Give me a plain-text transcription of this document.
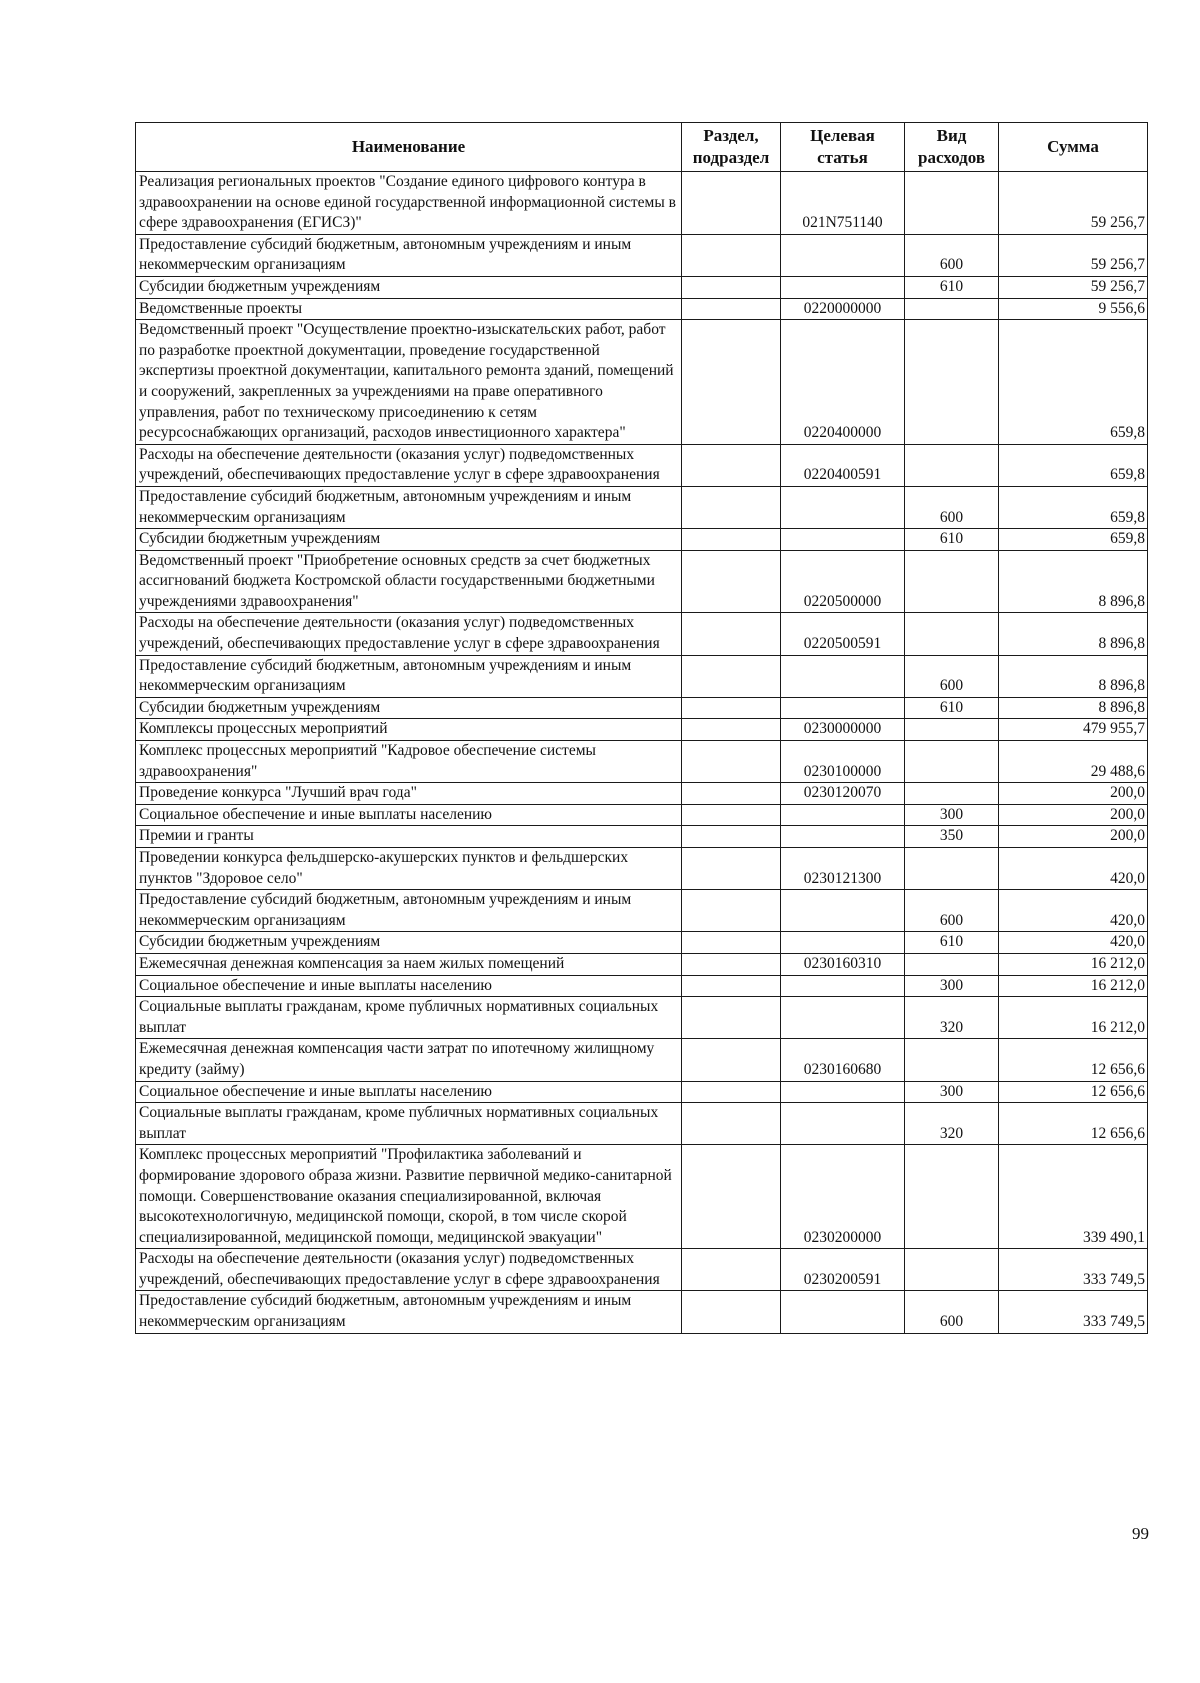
Наименование	Раздел, подраздел	Целевая статья	Вид расходов	Сумма
Реализация региональных проектов "Создание единого цифрового контура в здравоохранении на основе единой государственной информационной системы в сфере здравоохранения (ЕГИСЗ)"		021N751140		59 256,7
Предоставление субсидий бюджетным, автономным учреждениям и иным некоммерческим организациям			600	59 256,7
Субсидии бюджетным учреждениям			610	59 256,7
Ведомственные проекты		0220000000		9 556,6
Ведомственный проект "Осуществление проектно-изыскательских работ, работ по разработке проектной документации, проведение государственной экспертизы проектной документации, капитального ремонта зданий, помещений и сооружений, закрепленных за учреждениями на праве оперативного управления, работ по техническому присоединению к сетям ресурсоснабжающих организаций, расходов инвестиционного характера"		0220400000		659,8
Расходы на обеспечение деятельности (оказания услуг) подведомственных учреждений, обеспечивающих предоставление услуг в сфере здравоохранения		0220400591		659,8
Предоставление субсидий бюджетным, автономным учреждениям и иным некоммерческим организациям			600	659,8
Субсидии бюджетным учреждениям			610	659,8
Ведомственный проект "Приобретение основных средств за счет бюджетных ассигнований бюджета Костромской области государственными бюджетными учреждениями здравоохранения"		0220500000		8 896,8
Расходы на обеспечение деятельности (оказания услуг) подведомственных учреждений, обеспечивающих предоставление услуг в сфере здравоохранения		0220500591		8 896,8
Предоставление субсидий бюджетным, автономным учреждениям и иным некоммерческим организациям			600	8 896,8
Субсидии бюджетным учреждениям			610	8 896,8
Комплексы процессных мероприятий		0230000000		479 955,7
Комплекс процессных мероприятий "Кадровое обеспечение системы здравоохранения"		0230100000		29 488,6
Проведение конкурса "Лучший врач года"		0230120070		200,0
Социальное обеспечение и иные выплаты населению			300	200,0
Премии и гранты			350	200,0
Проведении конкурса фельдшерско-акушерских пунктов и фельдшерских пунктов "Здоровое село"		0230121300		420,0
Предоставление субсидий бюджетным, автономным учреждениям и иным некоммерческим организациям			600	420,0
Субсидии бюджетным учреждениям			610	420,0
Ежемесячная денежная компенсация за наем жилых помещений		0230160310		16 212,0
Социальное обеспечение и иные выплаты населению			300	16 212,0
Социальные выплаты гражданам, кроме публичных нормативных социальных выплат			320	16 212,0
Ежемесячная денежная компенсация части затрат по ипотечному жилищному кредиту (займу)		0230160680		12 656,6
Социальное обеспечение и иные выплаты населению			300	12 656,6
Социальные выплаты гражданам, кроме публичных нормативных социальных выплат			320	12 656,6
Комплекс процессных мероприятий "Профилактика заболеваний и формирование здорового образа жизни. Развитие первичной медико-санитарной помощи. Совершенствование оказания специализированной, включая высокотехнологичную, медицинской помощи, скорой, в том числе скорой специализированной, медицинской помощи, медицинской эвакуации"		0230200000		339 490,1
Расходы на обеспечение деятельности (оказания услуг) подведомственных учреждений, обеспечивающих предоставление услуг в сфере здравоохранения		0230200591		333 749,5
Предоставление субсидий бюджетным, автономным учреждениям и иным некоммерческим организациям			600	333 749,5
99
